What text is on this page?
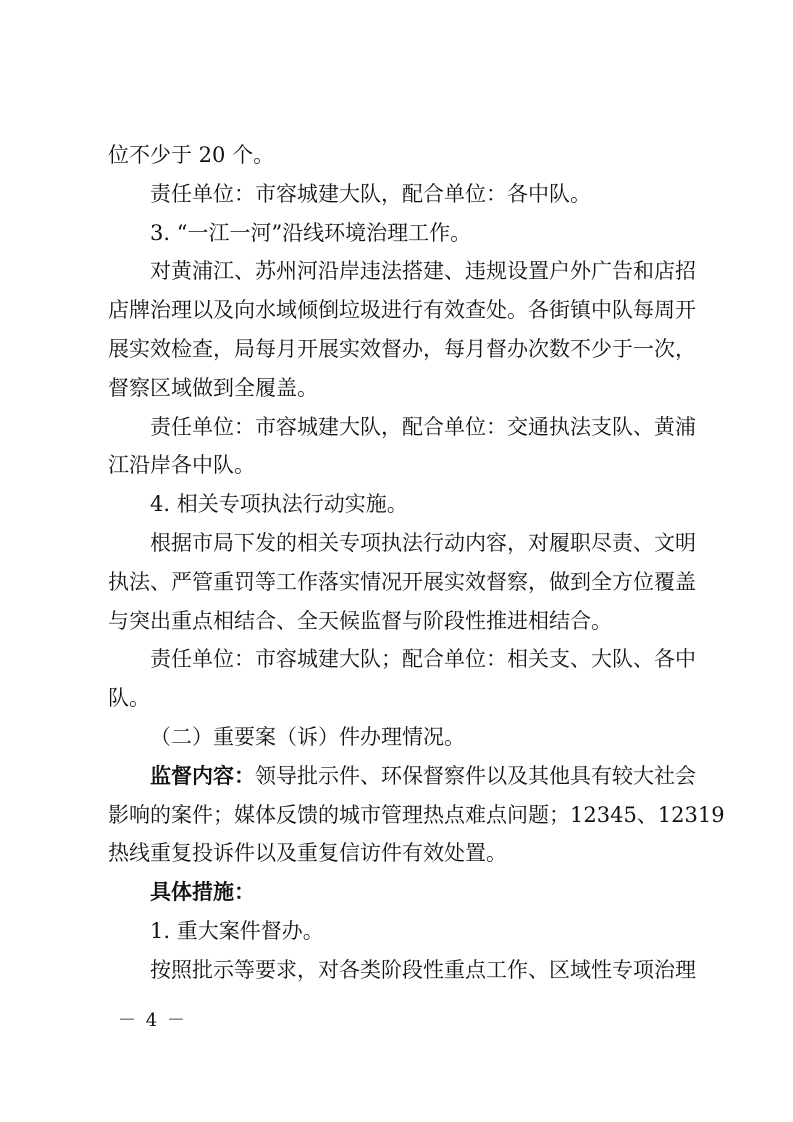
位不少于 20 个。
责任单位：市容城建大队，配合单位：各中队。
3. “一江一河”沿线环境治理工作。
对黄浦江、苏州河沿岸违法搭建、违规设置户外广告和店招
店牌治理以及向水域倾倒垃圾进行有效查处。各街镇中队每周开
展实效检查，局每月开展实效督办，每月督办次数不少于一次，
督察区域做到全履盖。
责任单位：市容城建大队，配合单位：交通执法支队、黄浦
江沿岸各中队。
4. 相关专项执法行动实施。
根据市局下发的相关专项执法行动内容，对履职尽责、文明
执法、严管重罚等工作落实情况开展实效督察，做到全方位覆盖
与突出重点相结合、全天候监督与阶段性推进相结合。
责任单位：市容城建大队；配合单位：相关支、大队、各中
队。
（二）重要案（诉）件办理情况。
监督内容：领导批示件、环保督察件以及其他具有较大社会
影响的案件；媒体反馈的城市管理热点难点问题；12345、12319
热线重复投诉件以及重复信访件有效处置。
具体措施：
1. 重大案件督办。
按照批示等要求，对各类阶段性重点工作、区域性专项治理
－ 4 －
